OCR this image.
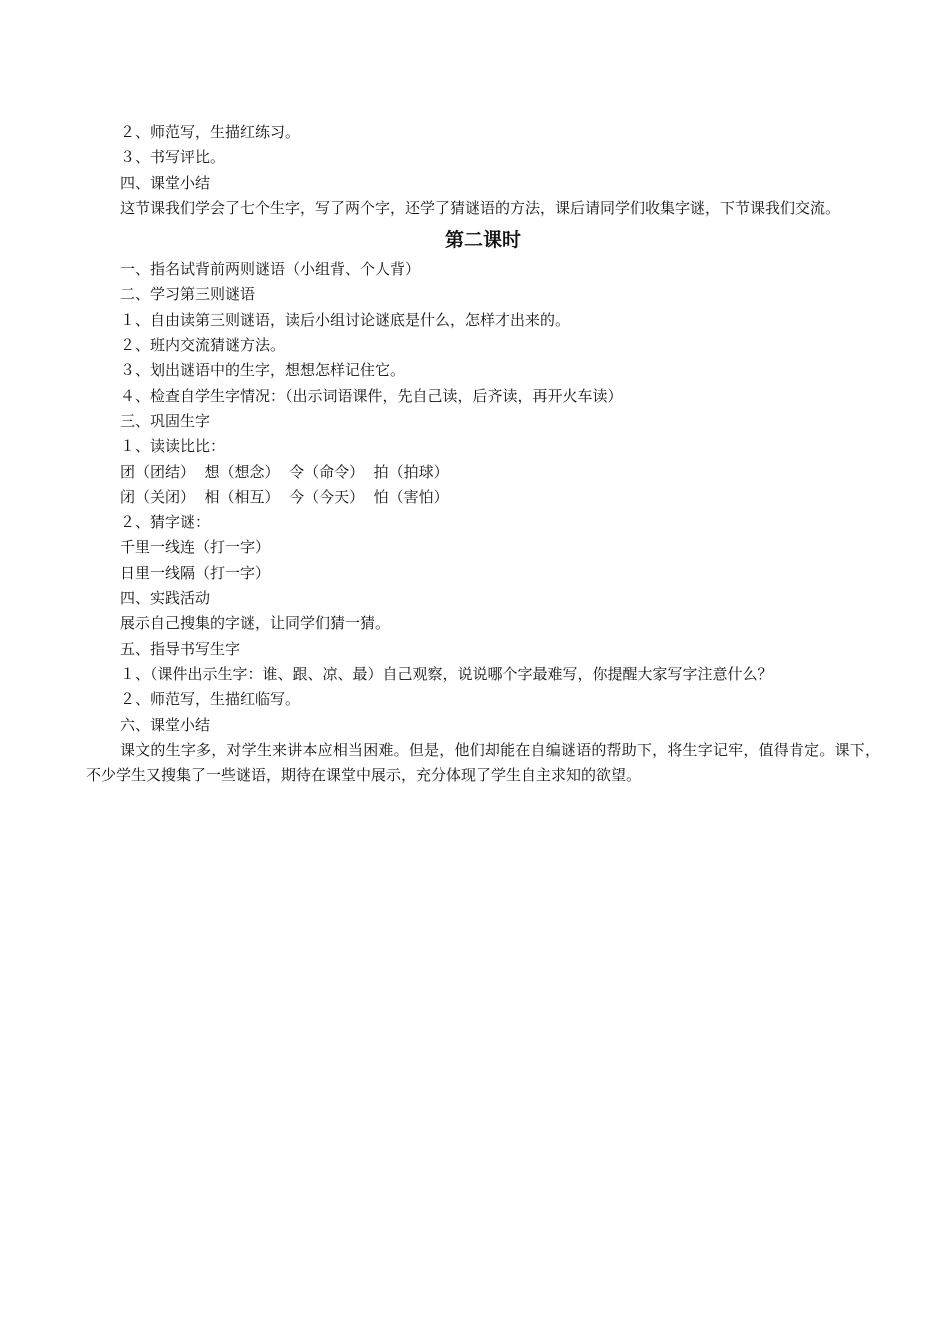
２、师范写，生描红练习。
３、书写评比。
四、课堂小结

这节课我们学会了七个生字，写了两个字，还学了猜谜语的方法，课后请同学们收集字谜，下节课我们交流。

第二课时
一、指名试背前两则谜语（小组背、个人背）
二、学习第三则谜语
１、自由读第三则谜语，读后小组讨论谜底是什么，怎样才出来的。
２、班内交流猜谜方法。
３、划出谜语中的生字，想想怎样记住它。
４、检查自学生字情况：（出示词语课件，先自己读，后齐读，再开火车读）
三、巩固生字
１、读读比比：
团（团结）  想（想念）  令（命令）  拍（拍球）
闭（关闭）  相（相互）  今（今天）  怕（害怕）
２、猜字谜：
千里一线连（打一字）
日里一线隔（打一字）
四、实践活动
展示自己搜集的字谜，让同学们猜一猜。
五、指导书写生字
１、（课件出示生字：谁、跟、凉、最）自己观察，说说哪个字最难写，你提醒大家写字注意什么？
２、师范写，生描红临写。
六、课堂小结

课文的生字多，对学生来讲本应相当困难。但是，他们却能在自编谜语的帮助下，将生字记牢，值得肯定。课下，不少学生又搜集了一些谜语，期待在课堂中展示，充分体现了学生自主求知的欲望。
